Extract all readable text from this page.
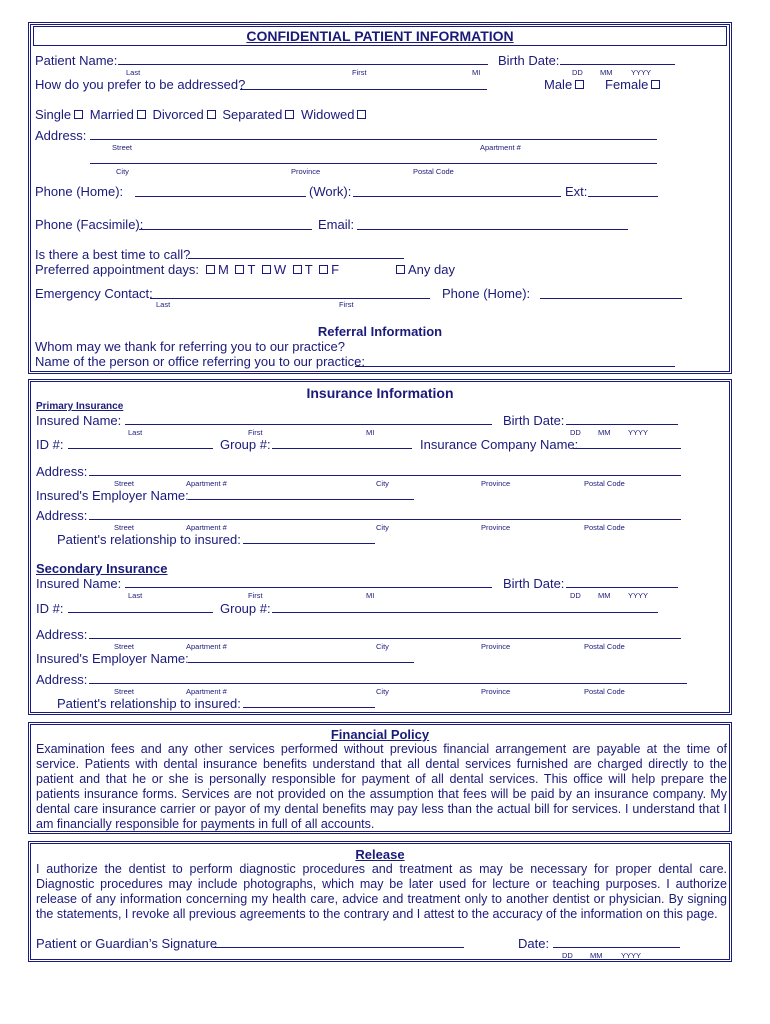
CONFIDENTIAL PATIENT INFORMATION
Patient Name:	Birth Date:
Last	First	MI	DD MM YYYY
How do you prefer to be addressed?	Male	Female
Single Married Divorced Separated Widowed
Address:
Street	Apartment #
City	Province	Postal Code
Phone (Home):	(Work):	Ext:
Phone (Facsimile):	Email:
Is there a best time to call?
Preferred appointment days:	M T W T F	Any day
Emergency Contact:	Phone (Home):
Last	First
Referral Information
Whom may we thank for referring you to our practice?
Name of the person or office referring you to our practice:
Insurance Information
Primary Insurance
Insured Name:	Birth Date:
Last	First	MI	DD MM YYYY
ID #:	Group #:	Insurance Company Name:
Address:
Street	Apartment #	City	Province	Postal Code
Insured's Employer Name:
Address:
Street	Apartment #	City	Province	Postal Code
Patient's relationship to insured:
Secondary Insurance
Insured Name:	Birth Date:
Last	First	MI	DD MM YYYY
ID #:	Group #:
Address:
Street	Apartment #	City	Province	Postal Code
Insured's Employer Name:
Address:
Street	Apartment #	City	Province	Postal Code
Patient's relationship to insured:
Financial Policy
Examination fees and any other services performed without previous financial arrangement are payable at the time of service. Patients with dental insurance benefits understand that all dental services furnished are charged directly to the patient and that he or she is personally responsible for payment of all dental services. This office will help prepare the patients insurance forms. Services are not provided on the assumption that fees will be paid by an insurance company. My dental care insurance carrier or payor of my dental benefits may pay less than the actual bill for services. I understand that I am financially responsible for payments in full of all accounts.
Release
I authorize the dentist to perform diagnostic procedures and treatment as may be necessary for proper dental care. Diagnostic procedures may include photographs, which may be later used for lecture or teaching purposes. I authorize release of any information concerning my health care, advice and treatment only to another dentist or physician. By signing the statements, I revoke all previous agreements to the contrary and I attest to the accuracy of the information on this page.
Patient or Guardian’s Signature	Date:
DD MM YYYY
